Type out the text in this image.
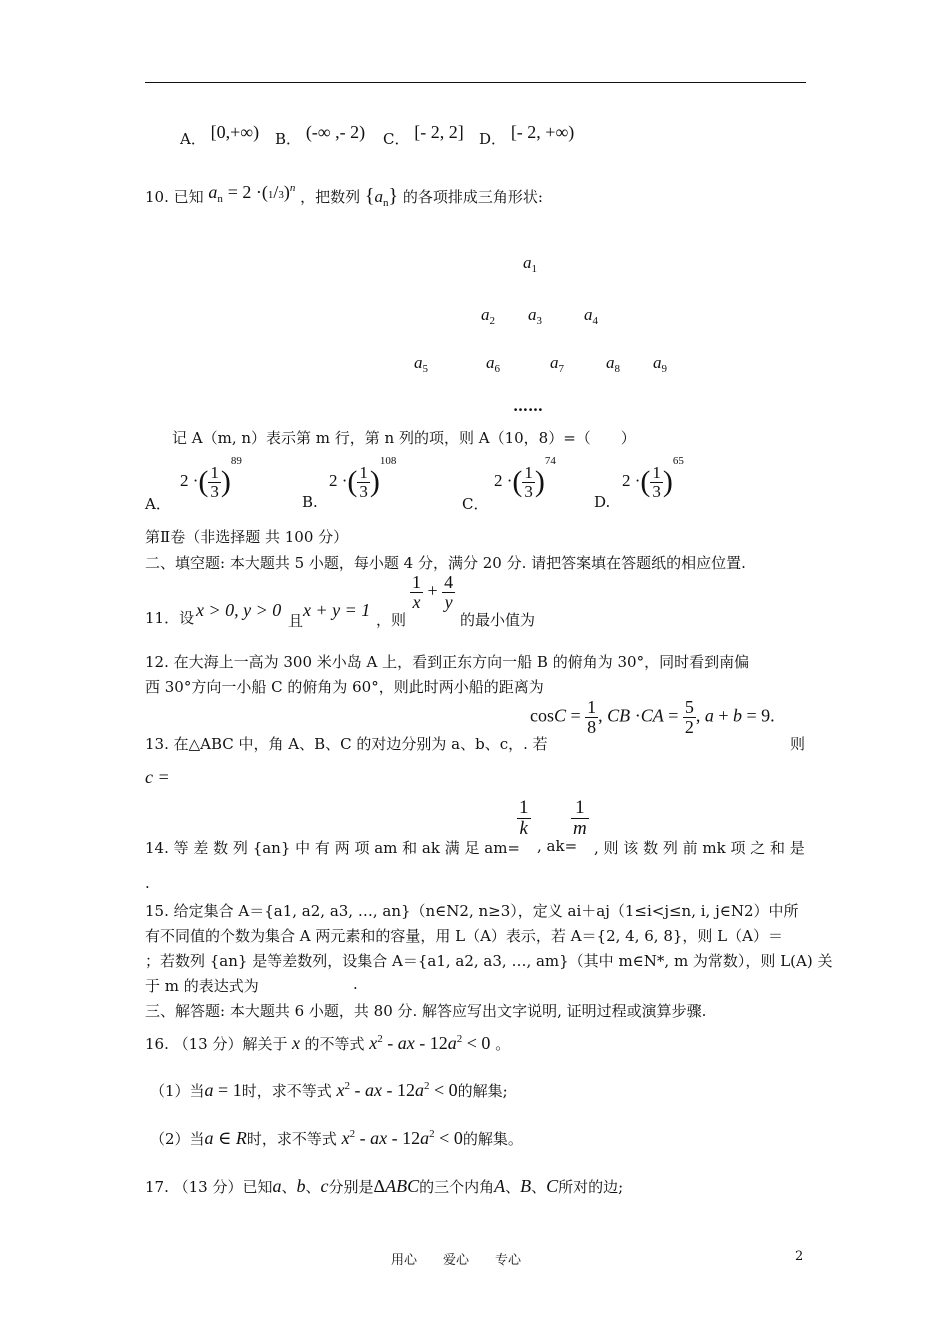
A． [0,+∞) B． (-∞ ,- 2) C． [- 2, 2] D． [- 2, +∞)
10. 已知 $a_n = 2 \cdot(1/3)^n$ ，把数列 $\{a_n\}$ 的各项排成三角形状:
$a_1$
$a_2$ $a_3$ $a_4$
$a_5$	$a_6$	$a_7$ $a_8$ $a_9$
……
记 A（m, n）表示第 m 行，第 n 列的项，则 A（10，8）=（　　）
A．
2 ·( $\frac{1}{3} )^{89}$
B.
2 ·( $\frac{1}{3} )^{108}$
C．
2 ·( $\frac{1}{3} )^{74}$
D.
2 ·( $\frac{1}{3} )^{65}$
第Ⅱ卷（非选择题 共 100 分）
二、填空题: 本大题共 5 小题，每小题 4 分，满分 20 分. 请把答案填在答题纸的相应位置.
11．设 x > 0, y > 0
且
x + y = 1 ，则
$\frac{1}{x} + \frac{4}{y}$
的最小值为
12. 在大海上一高为 300 米小岛 A 上，看到正东方向一船 B 的俯角为 30°，同时看到南偏
西 30°方向一小船 C 的俯角为 60°，则此时两小船的距离为
$\cos C = \frac{1}{8}$ , CB $\cdot CA = \frac{5}{2}$ , a + b = 9.
13. 在△ABC 中，角 A、B、C 的对边分别为 a、b、c，. 若	则
c =
14. 等 差 数 列 {an} 中 有 两 项 am 和 ak 满 足 am=
$\frac{1}{k}$
, ak=
$\frac{1}{m}$
, 则 该 数 列 前 mk 项 之 和 是
.
15. 给定集合 A＝{a1, a2, a3, …, an}（n∈N2, n≥3），定义 ai＋aj（1≤i<j≤n, i, j∈N2）中所
有不同值的个数为集合 A 两元素和的容量，用 L（A）表示，若 A＝{2, 4, 6, 8}，则 L（A）＝
；若数列 {an} 是等差数列，设集合 A＝{a1, a2, a3, …, am}（其中 m∈N*, m 为常数），则 L(A) 关
于 m 的表达式为	.
三、解答题: 本大题共 6 小题，共 80 分. 解答应写出文字说明, 证明过程或演算步骤.
16. （13 分）解关于 x 的不等式 $x^2$ - ax - $12a^2 < 0$ 。
（1）当a = 1时，求不等式 $x^2$ - ax - $12a^2 < 0$的解集;
（2）当a ∈ R时，求不等式 $x^2$ - ax - $12a^2 < 0$的解集。
17. （13 分）已知a、b、c分别是ΔABC的三个内角A、B、C所对的边;
用心　　爱心　　专心	2
